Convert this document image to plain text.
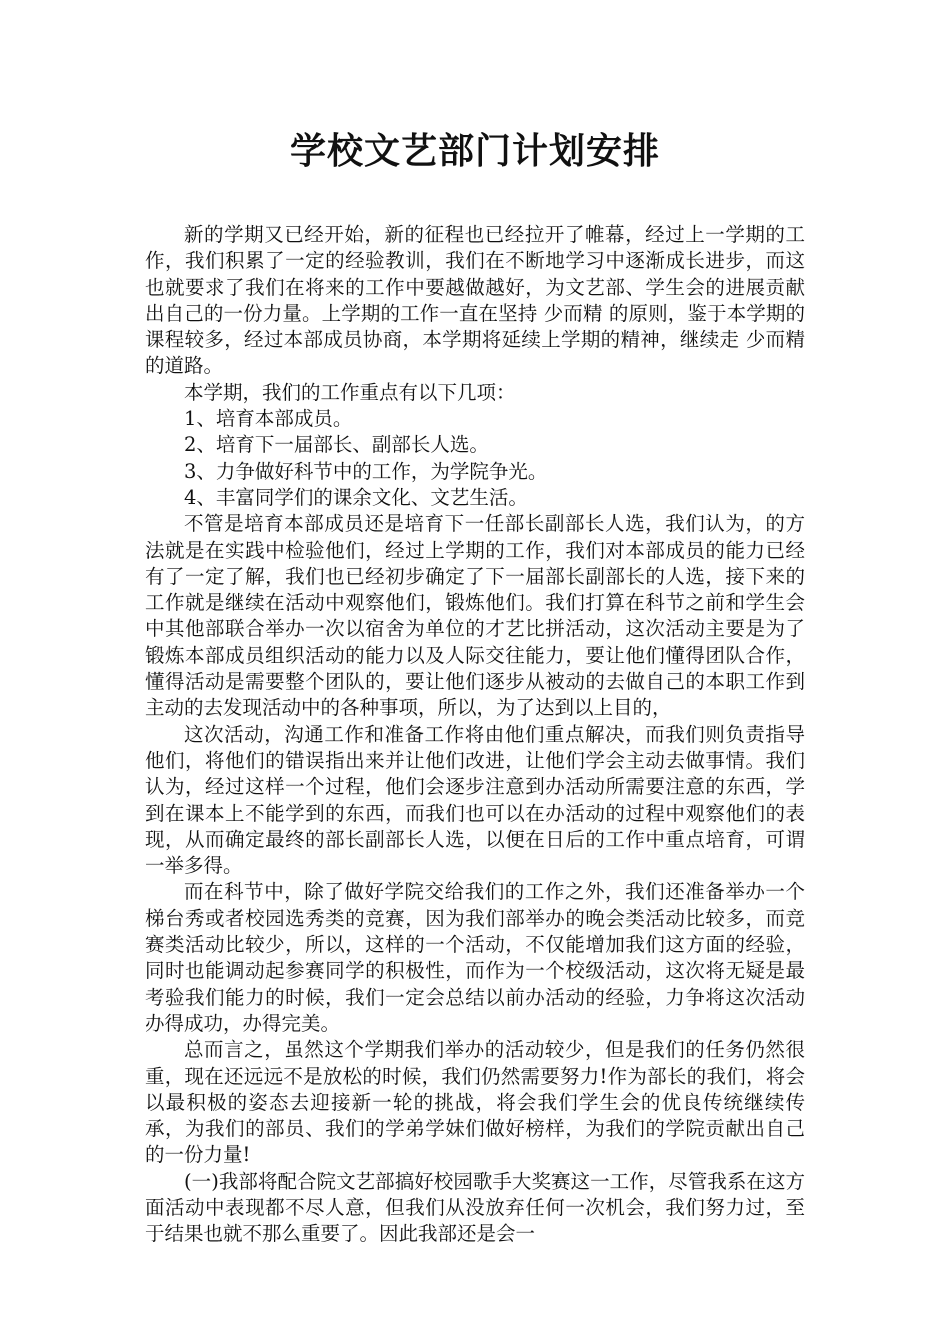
学校文艺部门计划安排

新的学期又已经开始，新的征程也已经拉开了帷幕，经过上一学期的工作，我们积累了一定的经验教训，我们在不断地学习中逐渐成长进步，而这也就要求了我们在将来的工作中要越做越好，为文艺部、学生会的进展贡献出自己的一份力量。上学期的工作一直在坚持 少而精 的原则，鉴于本学期的课程较多，经过本部成员协商，本学期将延续上学期的精神，继续走 少而精 的道路。

本学期，我们的工作重点有以下几项：

1、培育本部成员。

2、培育下一届部长、副部长人选。

3、力争做好科节中的工作，为学院争光。

4、丰富同学们的课余文化、文艺生活。

不管是培育本部成员还是培育下一任部长副部长人选，我们认为，的方法就是在实践中检验他们，经过上学期的工作，我们对本部成员的能力已经有了一定了解，我们也已经初步确定了下一届部长副部长的人选，接下来的工作就是继续在活动中观察他们，锻炼他们。我们打算在科节之前和学生会中其他部联合举办一次以宿舍为单位的才艺比拼活动，这次活动主要是为了锻炼本部成员组织活动的能力以及人际交往能力，要让他们懂得团队合作，懂得活动是需要整个团队的，要让他们逐步从被动的去做自己的本职工作到主动的去发现活动中的各种事项，所以，为了达到以上目的，

这次活动，沟通工作和准备工作将由他们重点解决，而我们则负责指导他们，将他们的错误指出来并让他们改进，让他们学会主动去做事情。我们认为，经过这样一个过程，他们会逐步注意到办活动所需要注意的东西，学到在课本上不能学到的东西，而我们也可以在办活动的过程中观察他们的表现，从而确定最终的部长副部长人选，以便在日后的工作中重点培育，可谓一举多得。

而在科节中，除了做好学院交给我们的工作之外，我们还准备举办一个梯台秀或者校园选秀类的竞赛，因为我们部举办的晚会类活动比较多，而竞赛类活动比较少，所以，这样的一个活动，不仅能增加我们这方面的经验，同时也能调动起参赛同学的积极性，而作为一个校级活动，这次将无疑是最考验我们能力的时候，我们一定会总结以前办活动的经验，力争将这次活动办得成功，办得完美。

总而言之，虽然这个学期我们举办的活动较少，但是我们的任务仍然很重，现在还远远不是放松的时候，我们仍然需要努力!作为部长的我们，将会以最积极的姿态去迎接新一轮的挑战，将会我们学生会的优良传统继续传承，为我们的部员、我们的学弟学妹们做好榜样，为我们的学院贡献出自己的一份力量!

(一)我部将配合院文艺部搞好校园歌手大奖赛这一工作，尽管我系在这方面活动中表现都不尽人意，但我们从没放弃任何一次机会，我们努力过，至于结果也就不那么重要了。因此我部还是会一
